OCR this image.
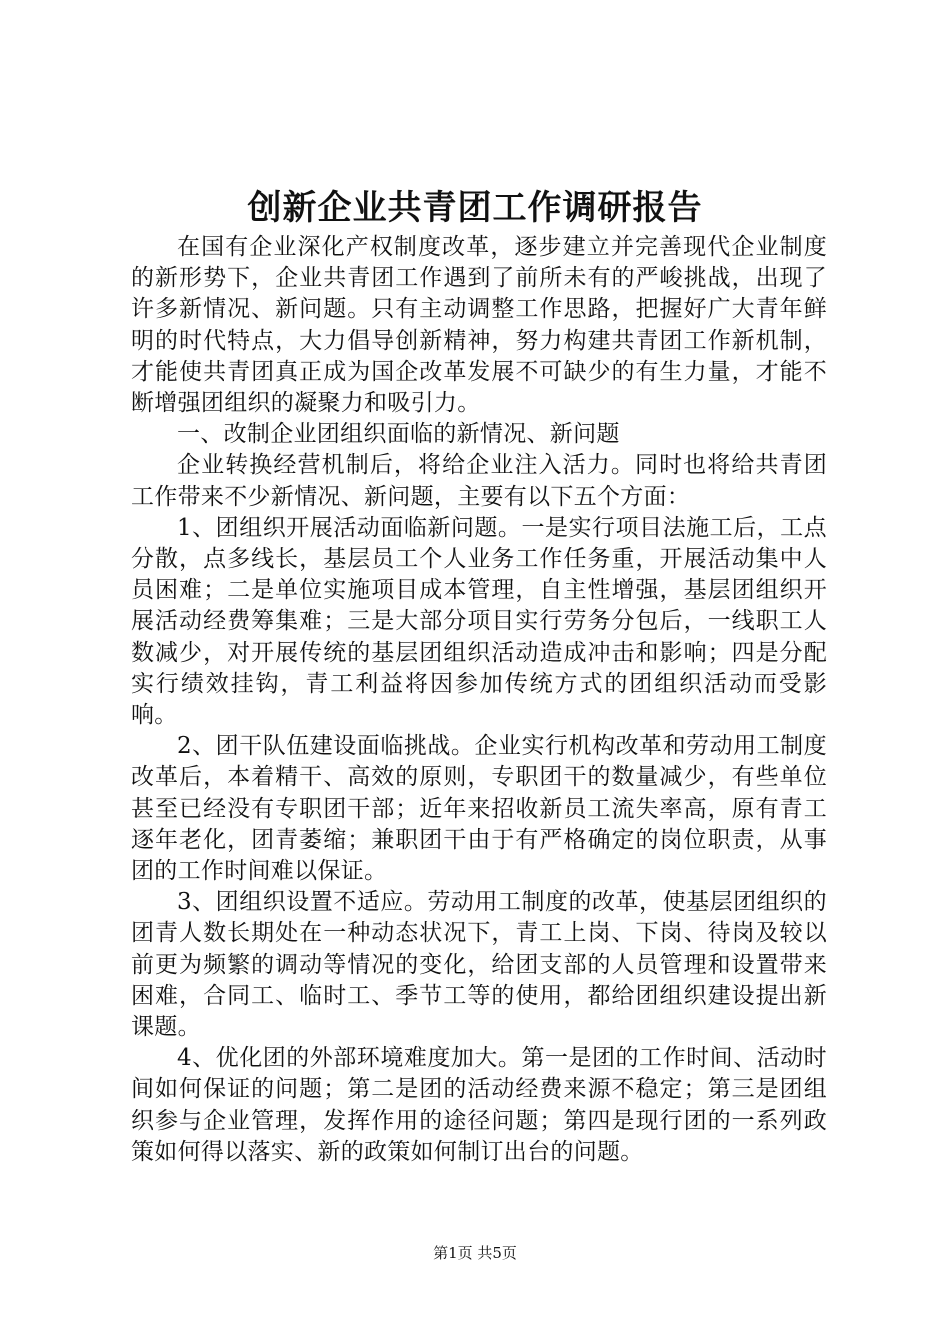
创新企业共青团工作调研报告

在国有企业深化产权制度改革，逐步建立并完善现代企业制度的新形势下，企业共青团工作遇到了前所未有的严峻挑战，出现了许多新情况、新问题。只有主动调整工作思路，把握好广大青年鲜明的时代特点，大力倡导创新精神，努力构建共青团工作新机制，才能使共青团真正成为国企改革发展不可缺少的有生力量，才能不断增强团组织的凝聚力和吸引力。

一、改制企业团组织面临的新情况、新问题

企业转换经营机制后，将给企业注入活力。同时也将给共青团工作带来不少新情况、新问题，主要有以下五个方面：

1、团组织开展活动面临新问题。一是实行项目法施工后，工点分散，点多线长，基层员工个人业务工作任务重，开展活动集中人员困难；二是单位实施项目成本管理，自主性增强，基层团组织开展活动经费筹集难；三是大部分项目实行劳务分包后，一线职工人数减少，对开展传统的基层团组织活动造成冲击和影响；四是分配实行绩效挂钩，青工利益将因参加传统方式的团组织活动而受影响。

2、团干队伍建设面临挑战。企业实行机构改革和劳动用工制度改革后，本着精干、高效的原则，专职团干的数量减少，有些单位甚至已经没有专职团干部；近年来招收新员工流失率高，原有青工逐年老化，团青萎缩；兼职团干由于有严格确定的岗位职责，从事团的工作时间难以保证。

3、团组织设置不适应。劳动用工制度的改革，使基层团组织的团青人数长期处在一种动态状况下，青工上岗、下岗、待岗及较以前更为频繁的调动等情况的变化，给团支部的人员管理和设置带来困难，合同工、临时工、季节工等的使用，都给团组织建设提出新课题。

4、优化团的外部环境难度加大。第一是团的工作时间、活动时间如何保证的问题；第二是团的活动经费来源不稳定；第三是团组织参与企业管理，发挥作用的途径问题；第四是现行团的一系列政策如何得以落实、新的政策如何制订出台的问题。

第1页 共5页
